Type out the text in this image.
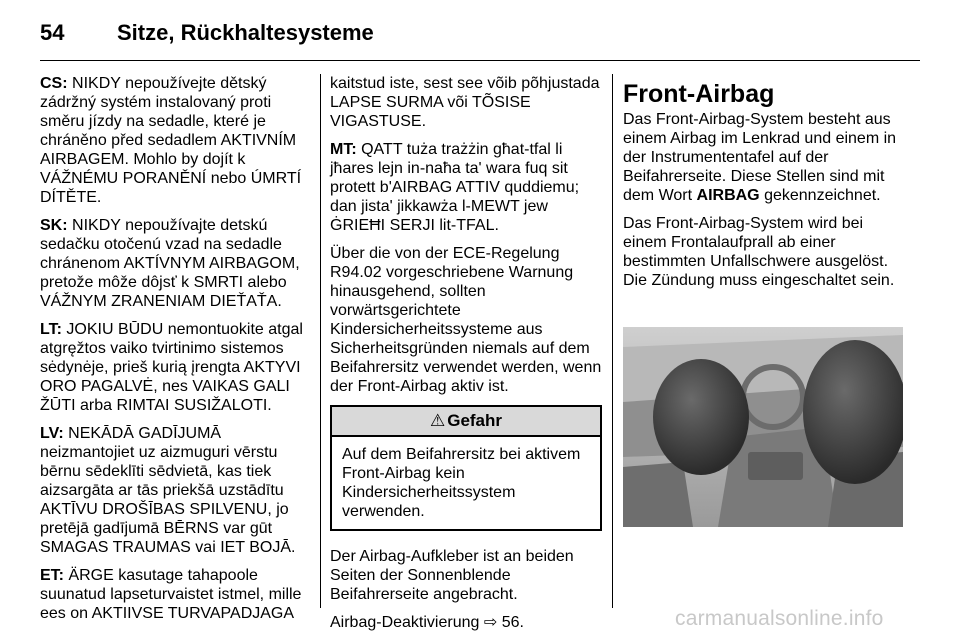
54 Sitze, Rückhaltesysteme

CS: NIKDY nepoužívejte dětský zádržný systém instalovaný proti směru jízdy na sedadle, které je chráněno před sedadlem AKTIVNÍM AIRBAGEM. Mohlo by dojít k VÁŽNÉMU PORANĚNÍ nebo ÚMRTÍ DÍTĚTE.

SK: NIKDY nepoužívajte detskú sedačku otočenú vzad na sedadle chránenom AKTÍVNYM AIRBAGOM, pretože môže dôjsť k SMRTI alebo VÁŽNYM ZRANENIAM DIEŤAŤA.

LT: JOKIU BŪDU nemontuokite atgal atgręžtos vaiko tvirtinimo sistemos sėdynėje, prieš kurią įrengta AKTYVI ORO PAGALVĖ, nes VAIKAS GALI ŽŪTI arba RIMTAI SUSIŽALOTI.

LV: NEKĀDĀ GADĪJUMĀ neizmantojiet uz aizmuguri vērstu bērnu sēdeklīti sēdvietā, kas tiek aizsargāta ar tās priekšā uzstādītu AKTĪVU DROŠĪBAS SPILVENU, jo pretējā gadījumā BĒRNS var gūt SMAGAS TRAUMAS vai IET BOJĀ.

ET: ÄRGE kasutage tahapoole suunatud lapseturvaistet istmel, mille ees on AKTIIVSE TURVAPADJAGA

kaitstud iste, sest see võib põhjustada LAPSE SURMA või TÕSISE VIGASTUSE.

MT: QATT tuża trażżin għat-tfal li jħares lejn in-naħa ta' wara fuq sit protett b'AIRBAG ATTIV quddiemu; dan jista' jikkawża l-MEWT jew ĠRIEĦI SERJI lit-TFAL.

Über die von der ECE-Regelung R94.02 vorgeschriebene Warnung hinausgehend, sollten vorwärtsgerichtete Kindersicherheitssysteme aus Sicherheitsgründen niemals auf dem Beifahrersitz verwendet werden, wenn der Front-Airbag aktiv ist.

⚠ Gefahr
Auf dem Beifahrersitz bei aktivem Front-Airbag kein Kindersicherheitssystem verwenden.

Der Airbag-Aufkleber ist an beiden Seiten der Sonnenblende Beifahrerseite angebracht.

Airbag-Deaktivierung ⇨ 56.

Front-Airbag

Das Front-Airbag-System besteht aus einem Airbag im Lenkrad und einem in der Instrumententafel auf der Beifahrerseite. Diese Stellen sind mit dem Wort AIRBAG gekennzeichnet.

Das Front-Airbag-System wird bei einem Frontalaufprall ab einer bestimmten Unfallschwere ausgelöst. Die Zündung muss eingeschaltet sein.

carmanualsonline.info
